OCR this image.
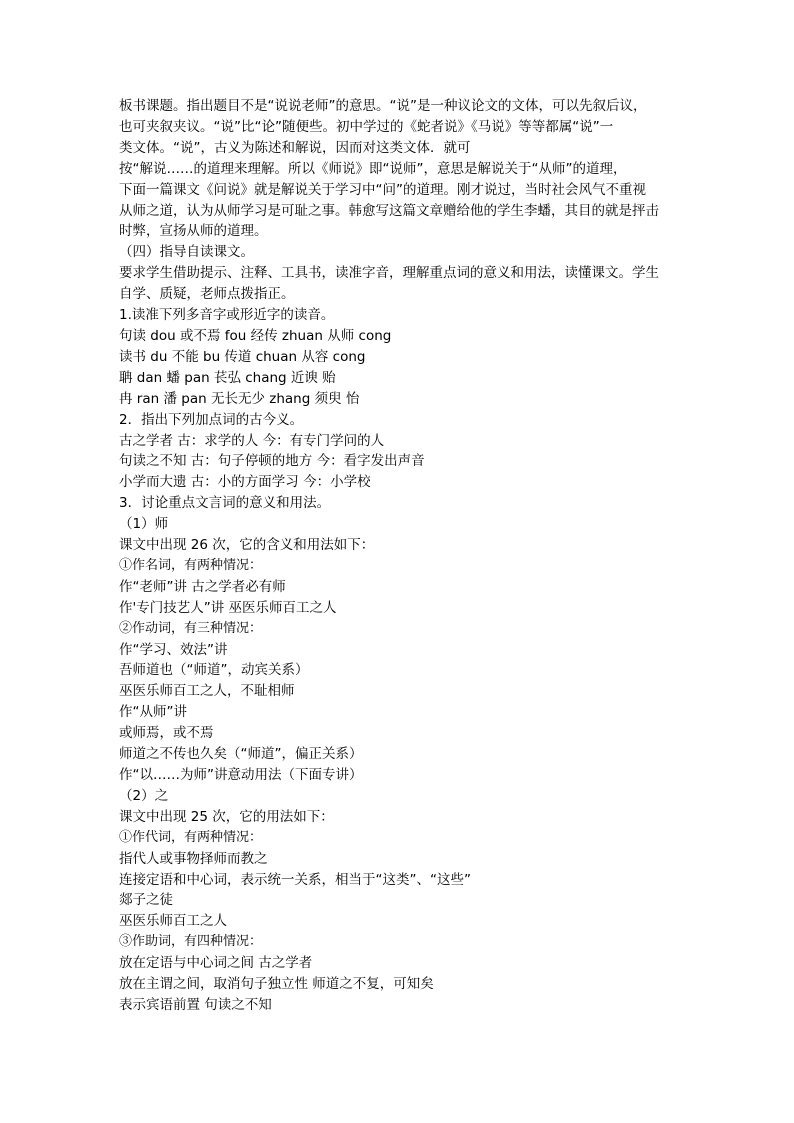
板书课题。指出题目不是“说说老师”的意思。“说”是一种议论文的文体，可以先叙后议，

也可夹叙夹议。“说”比“论”随便些。初中学过的《蛇者说》《马说》等等都属“说”一

类文体。“说”，古义为陈述和解说，因而对这类文体．就可

按“解说……的道理来理解。所以《师说》即“说师”，意思是解说关于“从师”的道理，

下面一篇课文《问说》就是解说关于学习中“问”的道理。刚才说过，当时社会风气不重视

从师之道，认为从师学习是可耻之事。韩愈写这篇文章赠给他的学生李蟠，其目的就是抨击

时弊，宣扬从师的道理。

（四）指导自读课文。

要求学生借助提示、注释、工具书，读准字音，理解重点词的意义和用法，读懂课文。学生

自学、质疑，老师点拨指正。

1.读准下列多音字或形近字的读音。

句读 dou 或不焉 fou 经传 zhuan 从师 cong

读书 du 不能 bu 传道 chuan 从容 cong

聃 dan 蟠 pan 苌弘 chang 近谀 贻

冉 ran 潘 pan 无长无少 zhang 须臾 怡

2．指出下列加点词的古今义。

古之学者 古：求学的人 今：有专门学问的人

句读之不知 古：句子停顿的地方 今：看字发出声音

小学而大遗 古：小的方面学习 今：小学校

3．讨论重点文言词的意义和用法。

（1）师

课文中出现 26 次，它的含义和用法如下：

①作名词，有两种情况：

作“老师”讲 古之学者必有师

作'专门技艺人”讲 巫医乐师百工之人

②作动词，有三种情况：

作“学习、效法”讲

吾师道也（“师道”，动宾关系）

巫医乐师百工之人，不耻相师

作“从师”讲

或师焉，或不焉

师道之不传也久矣（“师道”，偏正关系）

作“以……为师”讲意动用法（下面专讲）

（2）之

课文中出现 25 次，它的用法如下：

①作代词，有两种情况：

指代人或事物择师而教之

连接定语和中心词，表示统一关系，相当于“这类”、“这些”

郯子之徒

巫医乐师百工之人

③作助词，有四种情况：

放在定语与中心词之间 古之学者

放在主谓之间，取消句子独立性 师道之不复，可知矣

表示宾语前置 句读之不知
